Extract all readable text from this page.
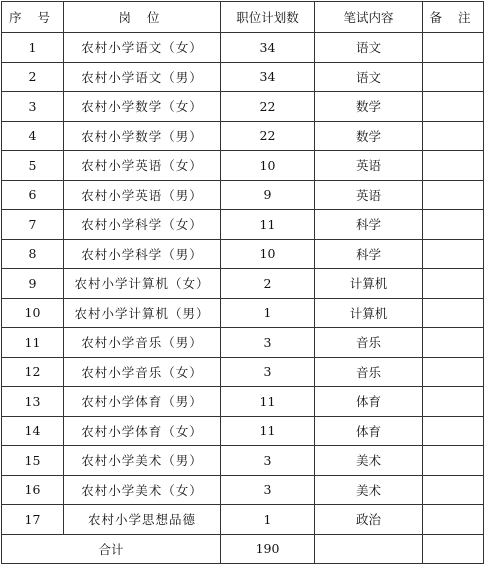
序 号	岗 位	职位计划数	笔试内容	备 注
1	农村小学语文（女）	34	语文	
2	农村小学语文（男）	34	语文	
3	农村小学数学（女）	22	数学	
4	农村小学数学（男）	22	数学	
5	农村小学英语（女）	10	英语	
6	农村小学英语（男）	9	英语	
7	农村小学科学（女）	11	科学	
8	农村小学科学（男）	10	科学	
9	农村小学计算机（女）	2	计算机	
10	农村小学计算机（男）	1	计算机	
11	农村小学音乐（男）	3	音乐	
12	农村小学音乐（女）	3	音乐	
13	农村小学体育（男）	11	体育	
14	农村小学体育（女）	11	体育	
15	农村小学美术（男）	3	美术	
16	农村小学美术（女）	3	美术	
17	农村小学思想品德	1	政治	
合计		190		
